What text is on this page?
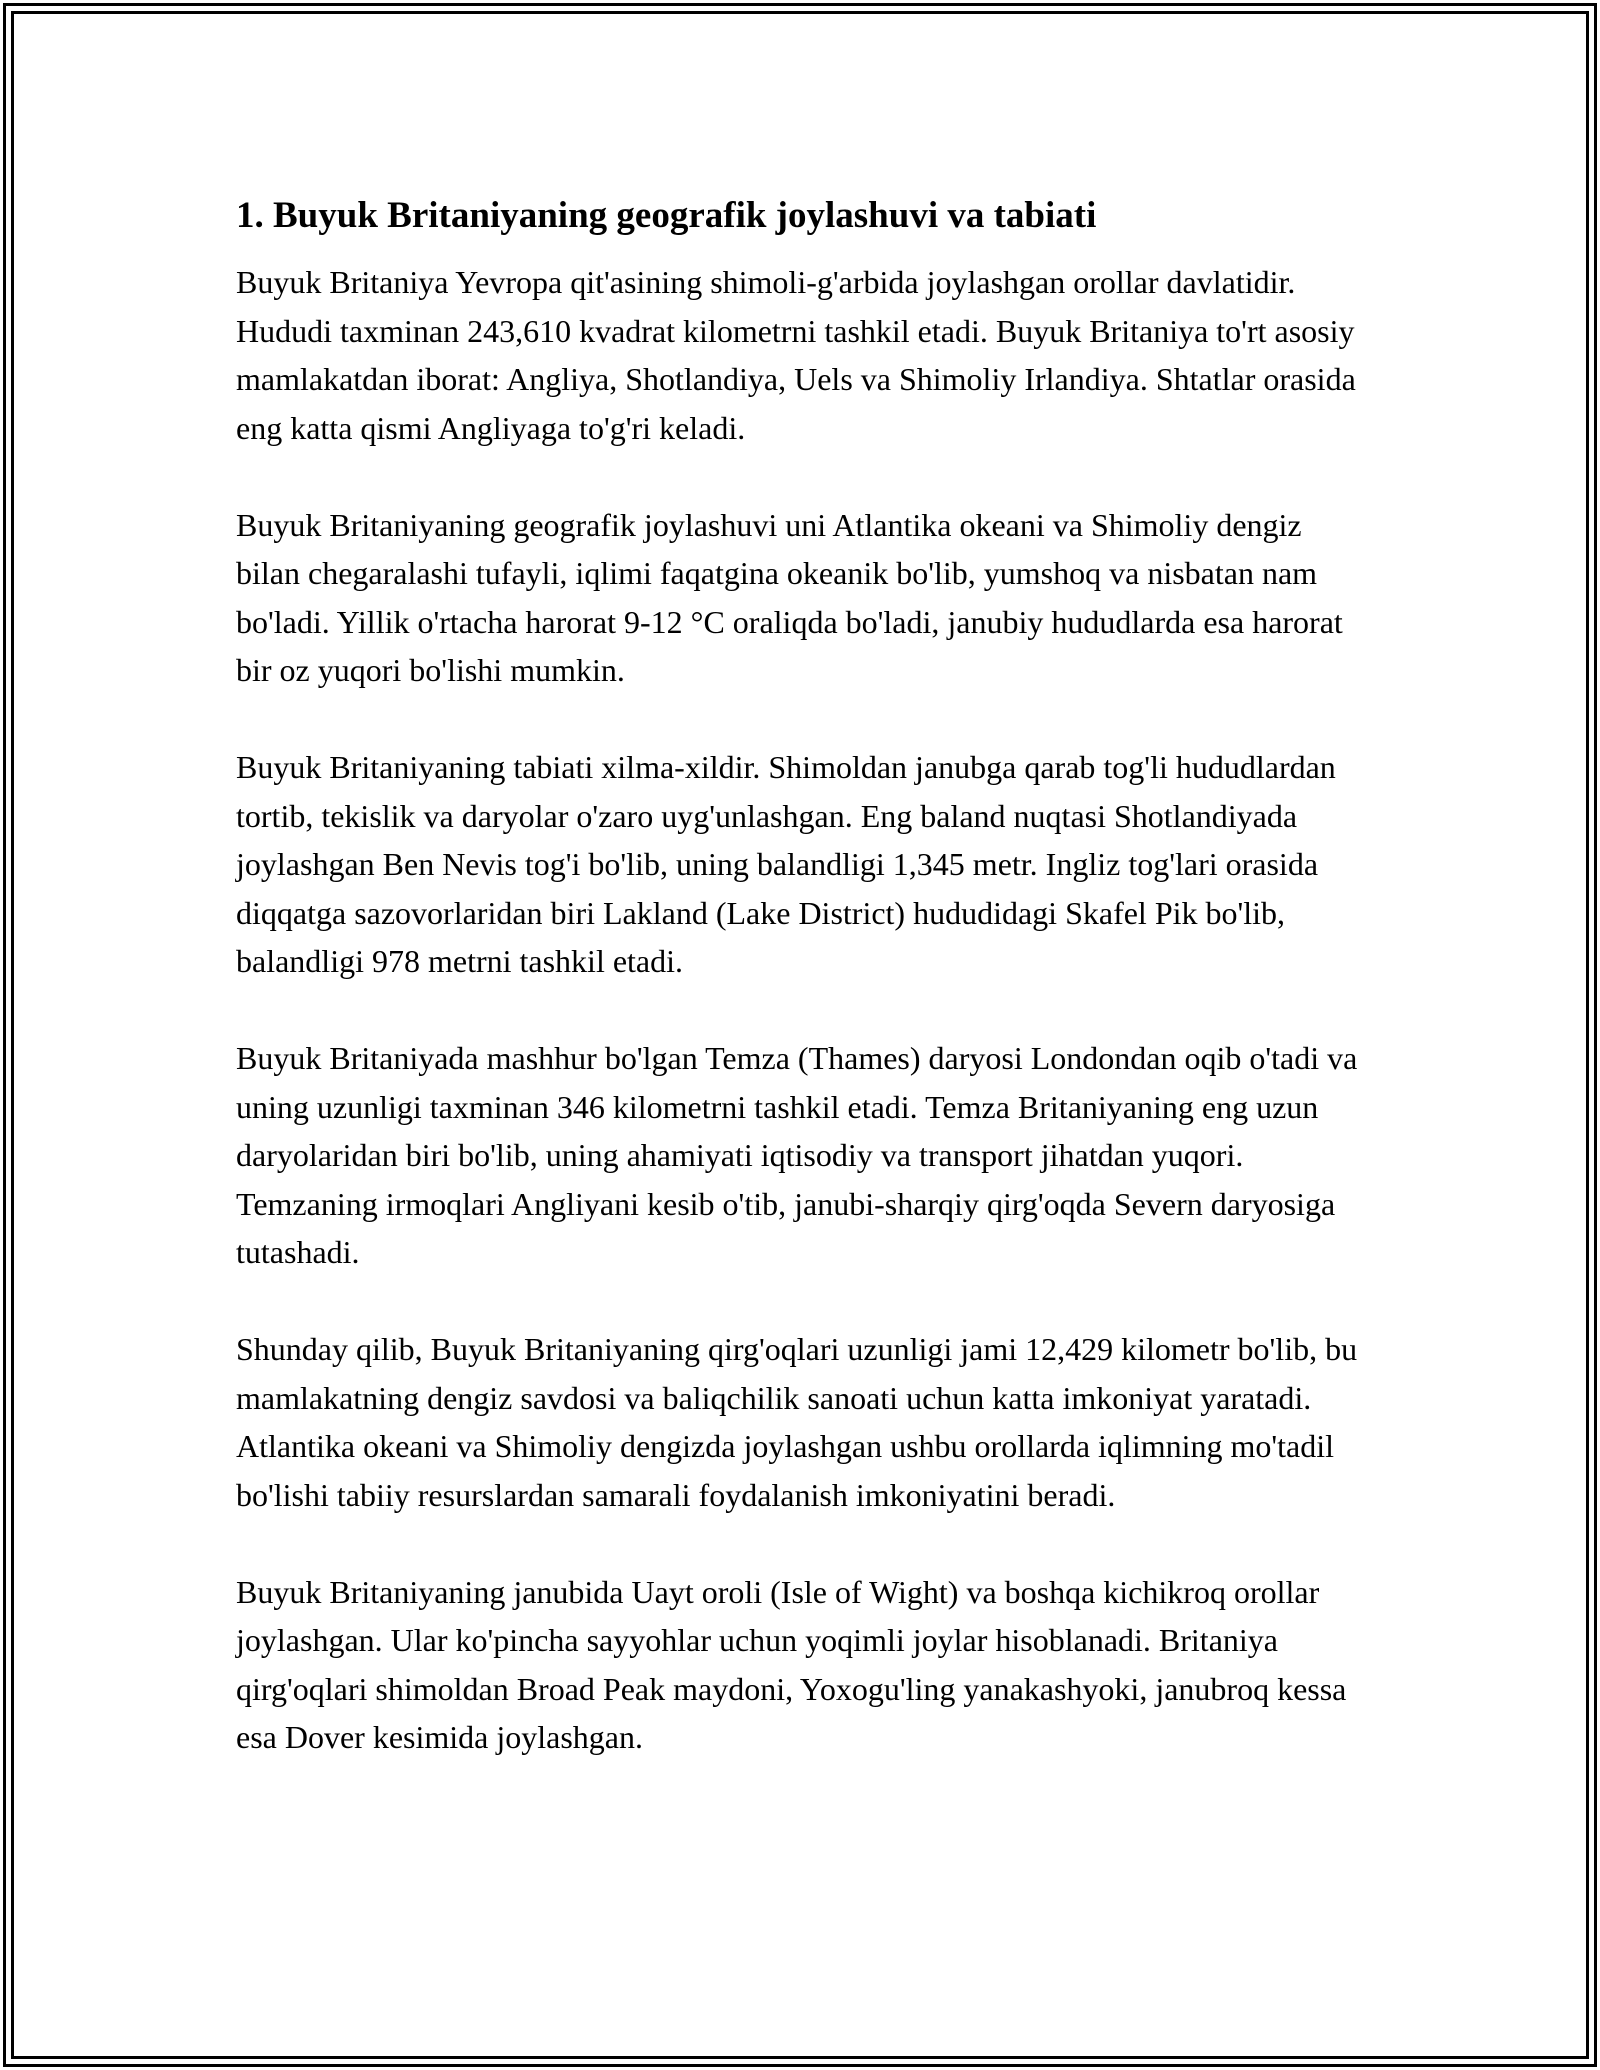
1. Buyuk Britaniyaning geografik joylashuvi va tabiati

Buyuk Britaniya Yevropa qit'asining shimoli-g'arbida joylashgan orollar davlatidir. Hududi taxminan 243,610 kvadrat kilometrni tashkil etadi. Buyuk Britaniya to'rt asosiy mamlakatdan iborat: Angliya, Shotlandiya, Uels va Shimoliy Irlandiya. Shtatlar orasida eng katta qismi Angliyaga to'g'ri keladi.

Buyuk Britaniyaning geografik joylashuvi uni Atlantika okeani va Shimoliy dengiz bilan chegaralashi tufayli, iqlimi faqatgina okeanik bo'lib, yumshoq va nisbatan nam bo'ladi. Yillik o'rtacha harorat 9-12 °C oraliqda bo'ladi, janubiy hududlarda esa harorat bir oz yuqori bo'lishi mumkin.

Buyuk Britaniyaning tabiati xilma-xildir. Shimoldan janubga qarab tog'li hududlardan tortib, tekislik va daryolar o'zaro uyg'unlashgan. Eng baland nuqtasi Shotlandiyada joylashgan Ben Nevis tog'i bo'lib, uning balandligi 1,345 metr. Ingliz tog'lari orasida diqqatga sazovorlaridan biri Lakland (Lake District) hududidagi Skafel Pik bo'lib, balandligi 978 metrni tashkil etadi.

Buyuk Britaniyada mashhur bo'lgan Temza (Thames) daryosi Londondan oqib o'tadi va uning uzunligi taxminan 346 kilometrni tashkil etadi. Temza Britaniyaning eng uzun daryolaridan biri bo'lib, uning ahamiyati iqtisodiy va transport jihatdan yuqori. Temzaning irmoqlari Angliyani kesib o'tib, janubi-sharqiy qirg'oqda Severn daryosiga tutashadi.

Shunday qilib, Buyuk Britaniyaning qirg'oqlari uzunligi jami 12,429 kilometr bo'lib, bu mamlakatning dengiz savdosi va baliqchilik sanoati uchun katta imkoniyat yaratadi. Atlantika okeani va Shimoliy dengizda joylashgan ushbu orollarda iqlimning mo'tadil bo'lishi tabiiy resurslardan samarali foydalanish imkoniyatini beradi.

Buyuk Britaniyaning janubida Uayt oroli (Isle of Wight) va boshqa kichikroq orollar joylashgan. Ular ko'pincha sayyohlar uchun yoqimli joylar hisoblanadi. Britaniya qirg'oqlari shimoldan Broad Peak maydoni, Yoxogu'ling yanakashyoki, janubroq kessa esa Dover kesimida joylashgan.
